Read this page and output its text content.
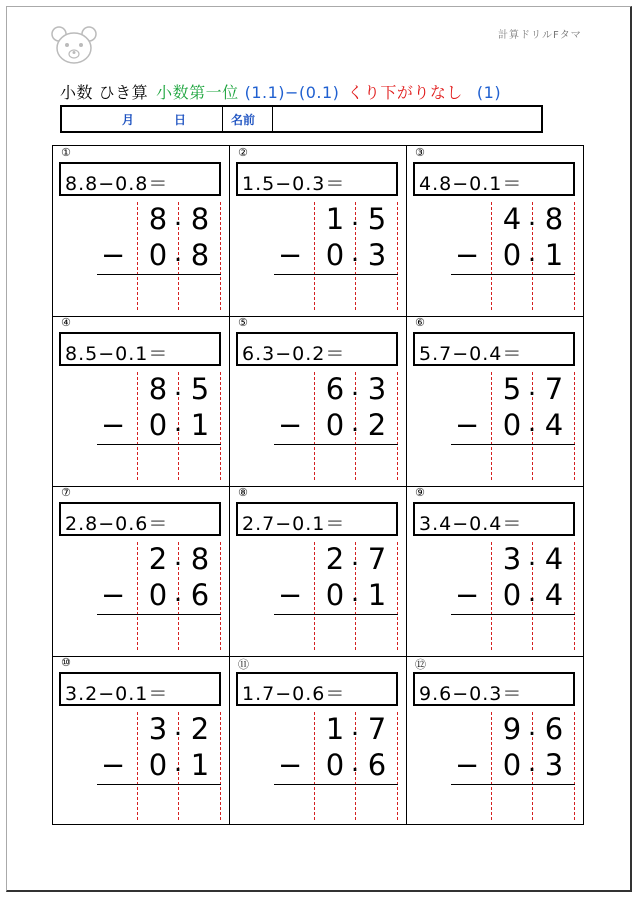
計算ドリルFタマ
小数 ひき算 小数第一位 (1.1)−(0.1) くり下がりなし (1)
月	日	名前
①
8.8−0.8＝
8 . 8
− 0 . 8
②
1.5−0.3＝
1 . 5
− 0 . 3
③
4.8−0.1＝
4 . 8
− 0 . 1
④
8.5−0.1＝
8 . 5
− 0 . 1
⑤
6.3−0.2＝
6 . 3
− 0 . 2
⑥
5.7−0.4＝
5 . 7
− 0 . 4
⑦
2.8−0.6＝
2 . 8
− 0 . 6
⑧
2.7−0.1＝
2 . 7
− 0 . 1
⑨
3.4−0.4＝
3 . 4
− 0 . 4
⑩
3.2−0.1＝
3 . 2
− 0 . 1
⑪
1.7−0.6＝
1 . 7
− 0 . 6
⑫
9.6−0.3＝
9 . 6
− 0 . 3
